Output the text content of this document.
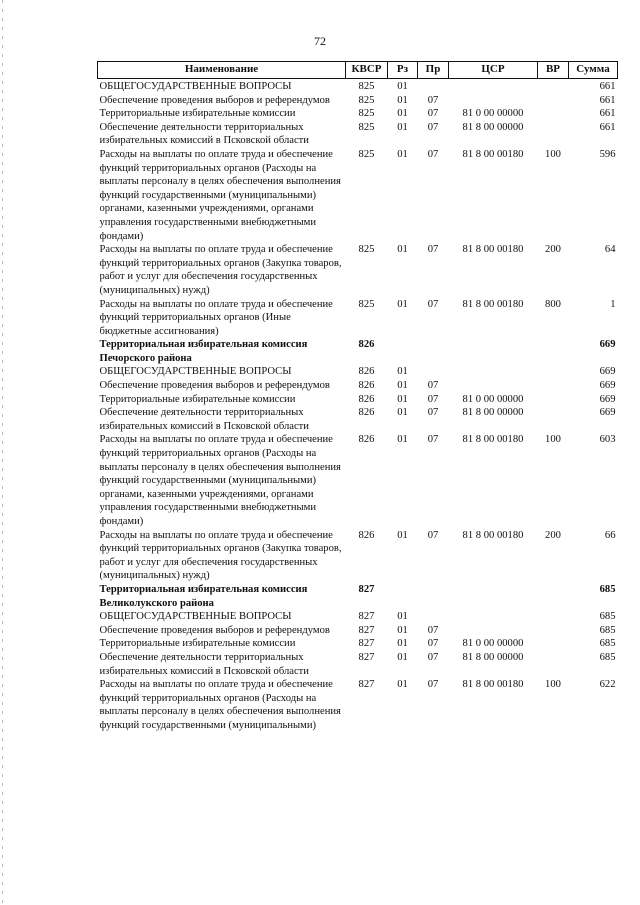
72
Наименование	КВСР	Рз	Пр	ЦСР	ВР	Сумма
ОБЩЕГОСУДАРСТВЕННЫЕ ВОПРОСЫ	825	01				661
Обеспечение проведения выборов и референдумов	825	01	07			661
Территориальные избирательные комиссии	825	01	07	81 0 00 00000		661
Обеспечение деятельности территориальных избирательных комиссий в Псковской области	825	01	07	81 8 00 00000		661
Расходы на выплаты по оплате труда и обеспечение функций территориальных органов (Расходы на выплаты персоналу в целях обеспечения выполнения функций государственными (муниципальными) органами, казенными учреждениями, органами управления государственными внебюджетными фондами)	825	01	07	81 8 00 00180	100	596
Расходы на выплаты по оплате труда и обеспечение функций территориальных органов (Закупка товаров, работ и услуг для обеспечения государственных (муниципальных) нужд)	825	01	07	81 8 00 00180	200	64
Расходы на выплаты по оплате труда и обеспечение функций территориальных органов (Иные бюджетные ассигнования)	825	01	07	81 8 00 00180	800	1
Территориальная избирательная комиссия Печорского района	826					669
ОБЩЕГОСУДАРСТВЕННЫЕ ВОПРОСЫ	826	01				669
Обеспечение проведения выборов и референдумов	826	01	07			669
Территориальные избирательные комиссии	826	01	07	81 0 00 00000		669
Обеспечение деятельности территориальных избирательных комиссий в Псковской области	826	01	07	81 8 00 00000		669
Расходы на выплаты по оплате труда и обеспечение функций территориальных органов (Расходы на выплаты персоналу в целях обеспечения выполнения функций государственными (муниципальными) органами, казенными учреждениями, органами управления государственными внебюджетными фондами)	826	01	07	81 8 00 00180	100	603
Расходы на выплаты по оплате труда и обеспечение функций территориальных органов (Закупка товаров, работ и услуг для обеспечения государственных (муниципальных) нужд)	826	01	07	81 8 00 00180	200	66
Территориальная избирательная комиссия Великолукского района	827					685
ОБЩЕГОСУДАРСТВЕННЫЕ ВОПРОСЫ	827	01				685
Обеспечение проведения выборов и референдумов	827	01	07			685
Территориальные избирательные комиссии	827	01	07	81 0 00 00000		685
Обеспечение деятельности территориальных избирательных комиссий в Псковской области	827	01	07	81 8 00 00000		685
Расходы на выплаты по оплате труда и обеспечение функций территориальных органов (Расходы на выплаты персоналу в целях обеспечения выполнения функций государственными (муниципальными)	827	01	07	81 8 00 00180	100	622
